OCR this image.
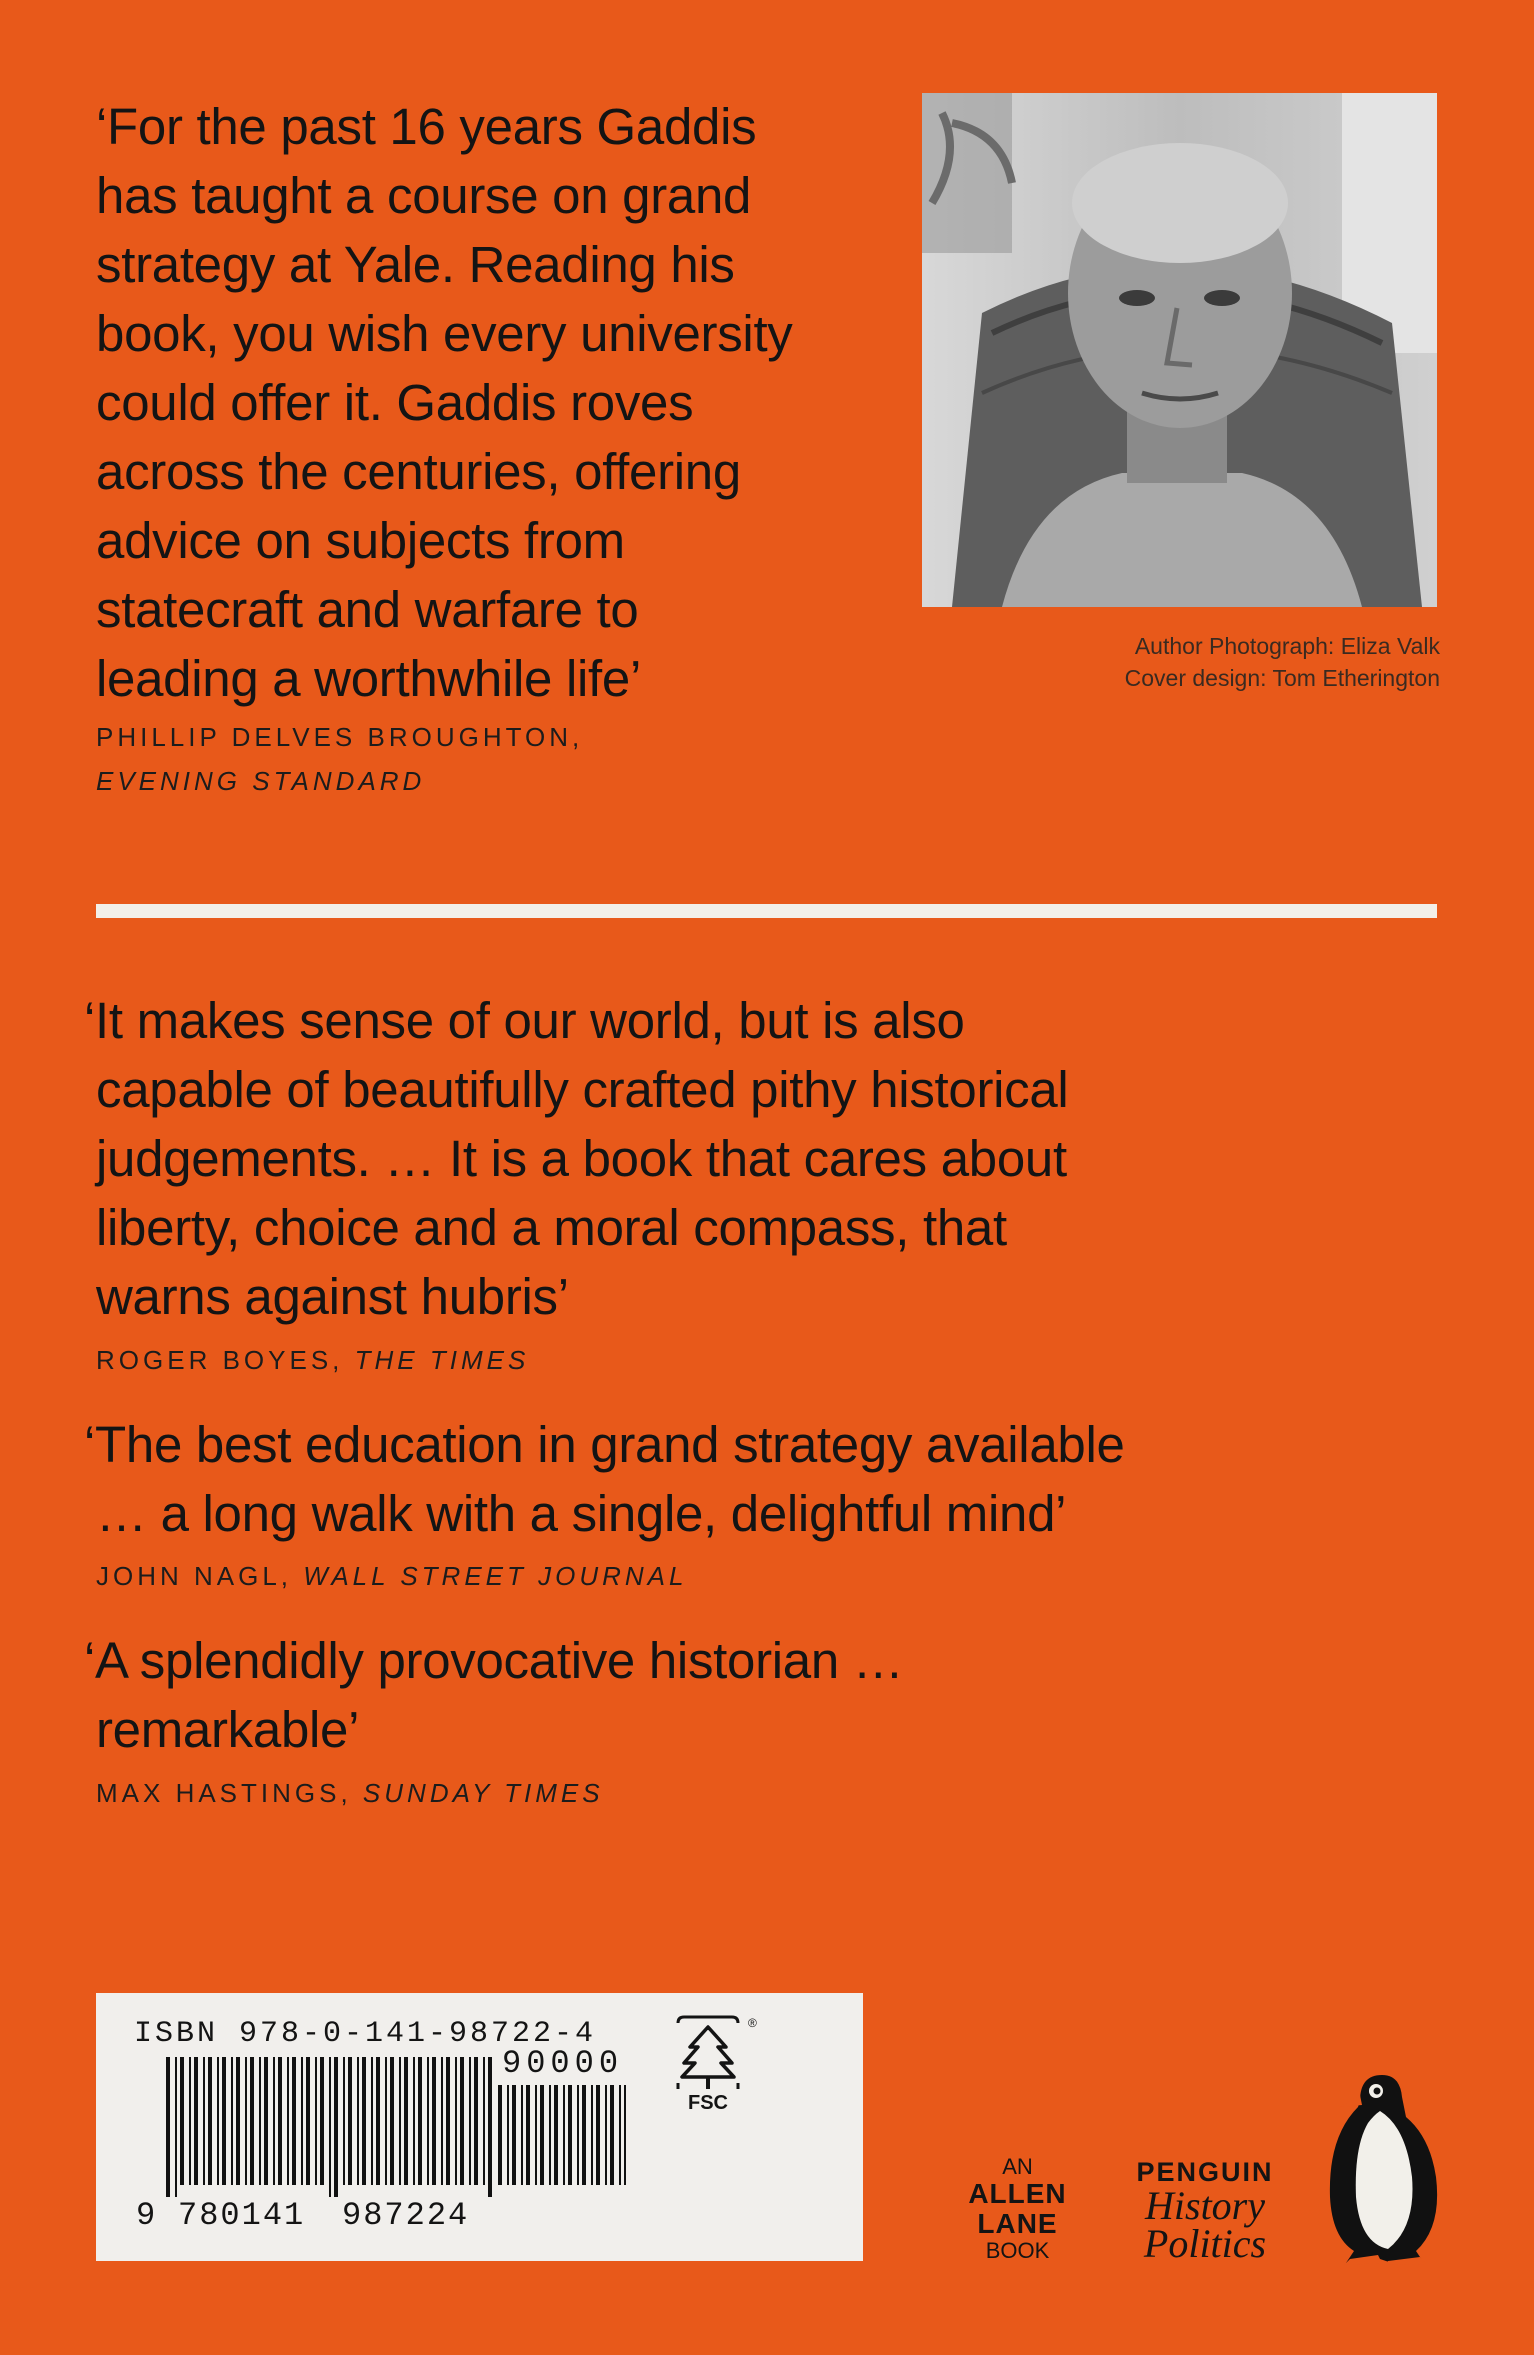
‘For the past 16 years Gaddis
has taught a course on grand
strategy at Yale. Reading his
book, you wish every university
could offer it. Gaddis roves
across the centuries, offering
advice on subjects from
statecraft and warfare to
leading a worthwhile life’
PHILLIP DELVES BROUGHTON,
EVENING STANDARD
Author Photograph: Eliza Valk
Cover design: Tom Etherington
‘It makes sense of our world, but is also
capable of beautifully crafted pithy historical
judgements. … It is a book that cares about
liberty, choice and a moral compass, that
warns against hubris’
ROGER BOYES, THE TIMES
‘The best education in grand strategy available
… a long walk with a single, delightful mind’
JOHN NAGL, WALL STREET JOURNAL
‘A splendidly provocative historian …
remarkable’
MAX HASTINGS, SUNDAY TIMES
ISBN 978-0-141-98722-4
90000
9 780141 987224
FSC
®
AN
ALLEN
LANE
BOOK
PENGUIN
History
Politics
